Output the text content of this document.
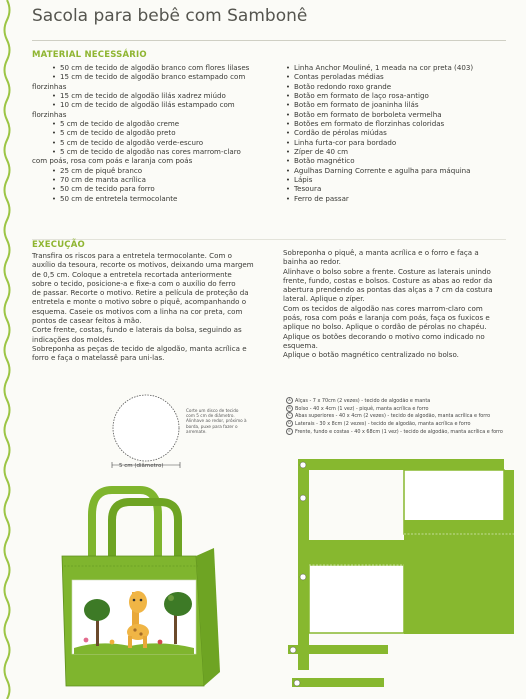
Sacola para bebê com Sambonê
MATERIAL NECESSÁRIO
• 50 cm de tecido de algodão branco com flores lilases
• 15 cm de tecido de algodão branco estampado com
florzinhas
• 15 cm de tecido de algodão lilás xadrez miúdo
• 10 cm de tecido de algodão lilás estampado com
florzinhas
• 5 cm de tecido de algodão creme
• 5 cm de tecido de algodão preto
• 5 cm de tecido de algodão verde-escuro
• 5 cm de tecido de algodão nas cores marrom-claro
com poás, rosa com poás e laranja com poás
• 25 cm de piquê branco
• 70 cm de manta acrílica
• 50 cm de tecido para forro
• 50 cm de entretela termocolante
• Linha Anchor Mouliné, 1 meada na cor preta (403)
• Contas peroladas médias
• Botão redondo roxo grande
• Botão em formato de laço rosa-antigo
• Botão em formato de joaninha lilás
• Botão em formato de borboleta vermelha
• Botões em formato de florzinhas coloridas
• Cordão de pérolas miúdas
• Linha furta-cor para bordado
• Zíper de 40 cm
• Botão magnético
• Agulhas Darning Corrente e agulha para máquina
• Lápis
• Tesoura
• Ferro de passar
EXECUÇÃO
Transfira os riscos para a entretela termocolante. Com o
auxílio da tesoura, recorte os motivos, deixando uma margem
de 0,5 cm. Coloque a entretela recortada anteriormente
sobre o tecido, posicione-a e fixe-a com o auxílio do ferro
de passar. Recorte o motivo. Retire a película de proteção da
entretela e monte o motivo sobre o piquê, acompanhando o
esquema. Caseie os motivos com a linha na cor preta, com
pontos de casear feitos à mão.
Corte frente, costas, fundo e laterais da bolsa, seguindo as
indicações dos moldes.
Sobreponha as peças de tecido de algodão, manta acrílica e
forro e faça o matelassê para uni-las.
Sobreponha o piquê, a manta acrílica e o forro e faça a
bainha ao redor.
Alinhave o bolso sobre a frente. Costure as laterais unindo
frente, fundo, costas e bolsos. Costure as abas ao redor da
abertura prendendo as pontas das alças a 7 cm da costura
lateral. Aplique o zíper.
Com os tecidos de algodão nas cores marrom-claro com
poás, rosa com poás e laranja com poás, faça os fuxicos e
aplique no bolso. Aplique o cordão de pérolas no chapéu.
Aplique os botões decorando o motivo como indicado no
esquema.
Aplique o botão magnético centralizado no bolso.
Corte um disco de tecido com 5 cm de diâmetro. Alinhave ao redor, próximo à borda, puxe para fazer o arremate.
5 cm (diâmetro)
A Alças - 7 x 70cm (2 vezes) - tecido de algodão e manta
B Bolso - 40 x 4cm (1 vez) - piquê, manta acrílica e forro
C Abas superiores - 40 x 4cm (2 vezes) - tecido de algodão, manta acrílica e forro
D Laterais - 30 x 8cm (2 vezes) - tecido de algodão, manta acrílica e forro
E Frente, fundo e costas - 40 x 68cm (1 vez) - tecido de algodão, manta acrílica e forro
